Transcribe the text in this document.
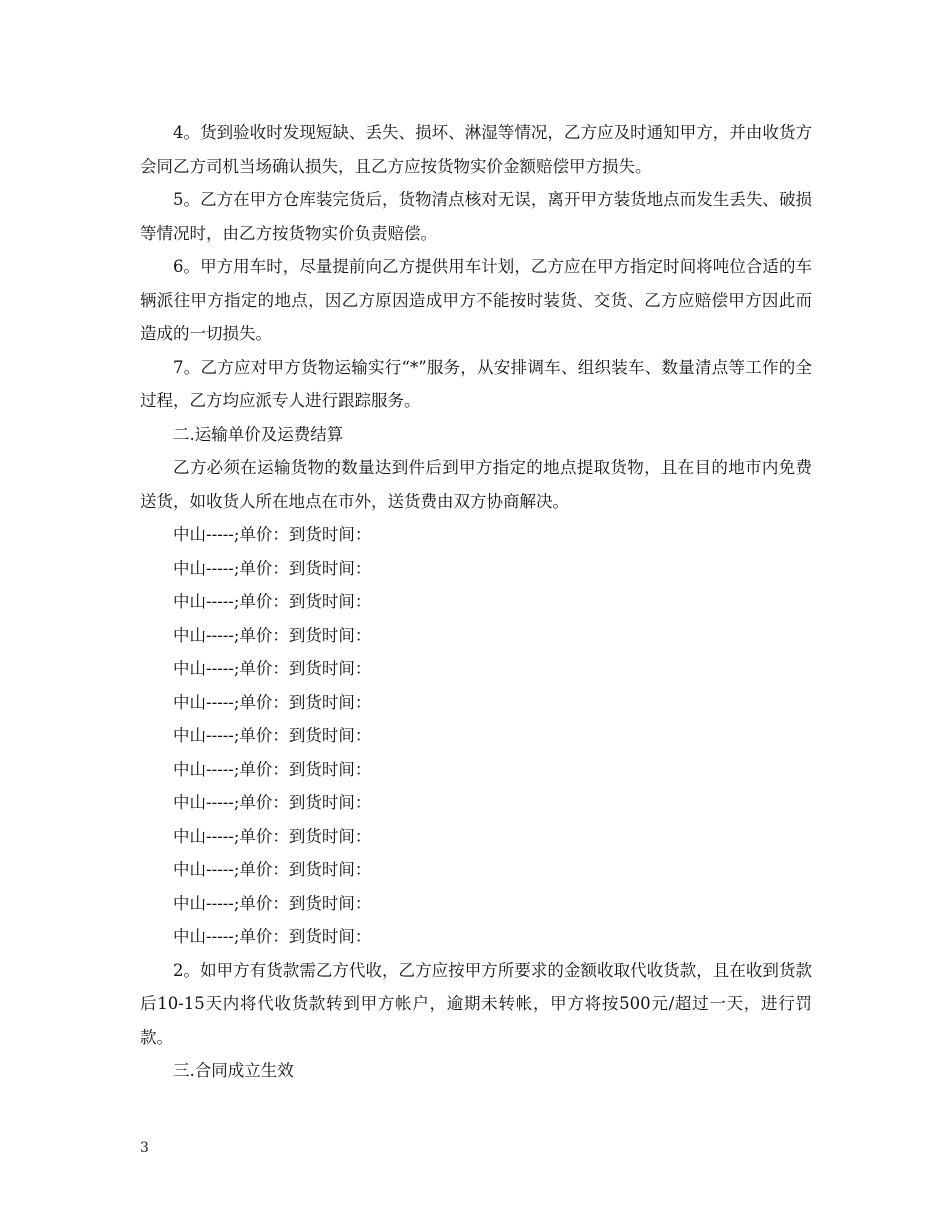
4。货到验收时发现短缺、丢失、损坏、淋湿等情况，乙方应及时通知甲方，并由收货方会同乙方司机当场确认损失，且乙方应按货物实价金额赔偿甲方损失。

5。乙方在甲方仓库装完货后，货物清点核对无误，离开甲方装货地点而发生丢失、破损等情况时，由乙方按货物实价负责赔偿。

6。甲方用车时，尽量提前向乙方提供用车计划，乙方应在甲方指定时间将吨位合适的车辆派往甲方指定的地点，因乙方原因造成甲方不能按时装货、交货、乙方应赔偿甲方因此而造成的一切损失。

7。乙方应对甲方货物运输实行“*”服务，从安排调车、组织装车、数量清点等工作的全过程，乙方均应派专人进行跟踪服务。

二.运输单价及运费结算

乙方必须在运输货物的数量达到件后到甲方指定的地点提取货物，且在目的地市内免费送货，如收货人所在地点在市外，送货费由双方协商解决。

中山-----;单价：到货时间：

中山-----;单价：到货时间：

中山-----;单价：到货时间：

中山-----;单价：到货时间：

中山-----;单价：到货时间：

中山-----;单价：到货时间：

中山-----;单价：到货时间：

中山-----;单价：到货时间：

中山-----;单价：到货时间：

中山-----;单价：到货时间：

中山-----;单价：到货时间：

中山-----;单价：到货时间：

中山-----;单价：到货时间：

2。如甲方有货款需乙方代收，乙方应按甲方所要求的金额收取代收货款，且在收到货款后10-15天内将代收货款转到甲方帐户，逾期未转帐，甲方将按500元/超过一天，进行罚款。

三.合同成立生效

3
